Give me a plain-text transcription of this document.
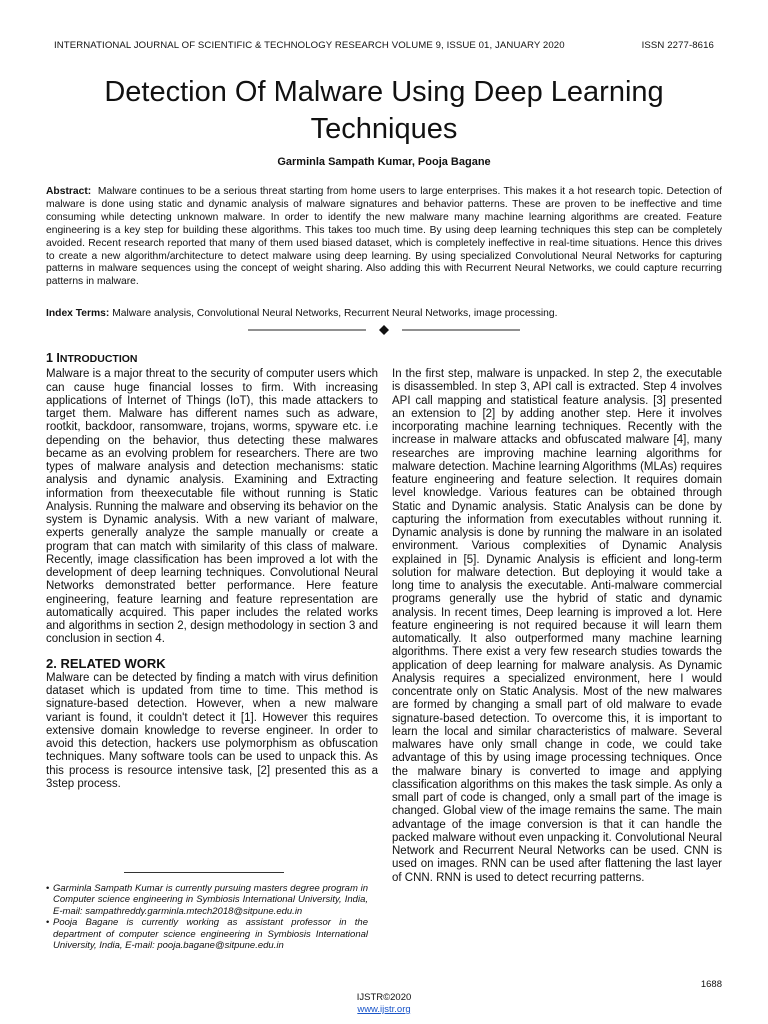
INTERNATIONAL JOURNAL OF SCIENTIFIC & TECHNOLOGY RESEARCH VOLUME 9, ISSUE 01, JANUARY 2020	ISSN 2277-8616
Detection Of Malware Using Deep Learning Techniques
Garminla Sampath Kumar, Pooja Bagane
Abstract: Malware continues to be a serious threat starting from home users to large enterprises. This makes it a hot research topic. Detection of malware is done using static and dynamic analysis of malware signatures and behavior patterns. These are proven to be ineffective and time consuming while detecting unknown malware. In order to identify the new malware many machine learning algorithms are created. Feature engineering is a key step for building these algorithms. This takes too much time. By using deep learning techniques this step can be completely avoided. Recent research reported that many of them used biased dataset, which is completely ineffective in real-time situations. Hence this drives to create a new algorithm/architecture to detect malware using deep learning. By using specialized Convolutional Neural Networks for capturing patterns in malware sequences using the concept of weight sharing. Also adding this with Recurrent Neural Networks, we could capture recurring patterns in malware.
Index Terms: Malware analysis, Convolutional Neural Networks, Recurrent Neural Networks, image processing.
1 INTRODUCTION

Malware is a major threat to the security of computer users which can cause huge financial losses to firm. With increasing applications of Internet of Things (IoT), this made attackers to target them. Malware has different names such as adware, rootkit, backdoor, ransomware, trojans, worms, spyware etc. i.e depending on the behavior, thus detecting these malwares became as an evolving problem for researchers. There are two types of malware analysis and detection mechanisms: static analysis and dynamic analysis. Examining and Extracting information from theexecutable file without running is Static Analysis. Running the malware and observing its behavior on the system is Dynamic analysis. With a new variant of malware, experts generally analyze the sample manually or create a program that can match with similarity of this class of malware. Recently, image classification has been improved a lot with the development of deep learning techniques. Convolutional Neural Networks demonstrated better performance. Here feature engineering, feature learning and feature representation are automatically acquired. This paper includes the related works and algorithms in section 2, design methodology in section 3 and conclusion in section 4.

2. RELATED WORK

Malware can be detected by finding a match with virus definition dataset which is updated from time to time. This method is signature-based detection. However, when a new malware variant is found, it couldn't detect it [1]. However this requires extensive domain knowledge to reverse engineer. In order to avoid this detection, hackers use polymorphism as obfuscation techniques. Many software tools can be used to unpack this. As this process is resource intensive task, [2] presented this as a 3step process.

In the first step, malware is unpacked. In step 2, the executable is disassembled. In step 3, API call is extracted. Step 4 involves API call mapping and statistical feature analysis. [3] presented an extension to [2] by adding another step. Here it involves incorporating machine learning techniques. Recently with the increase in malware attacks and obfuscated malware [4], many researches are improving machine learning algorithms for malware detection. Machine learning Algorithms (MLAs) requires feature engineering and feature selection. It requires domain level knowledge. Various features can be obtained through Static and Dynamic analysis. Static Analysis can be done by capturing the information from executables without running it. Dynamic analysis is done by running the malware in an isolated environment. Various complexities of Dynamic Analysis explained in [5]. Dynamic Analysis is efficient and long-term solution for malware detection. But deploying it would take a long time to analysis the executable. Anti-malware commercial programs generally use the hybrid of static and dynamic analysis. In recent times, Deep learning is improved a lot. Here feature engineering is not required because it will learn them automatically. It also outperformed many machine learning algorithms. There exist a very few research studies towards the application of deep learning for malware analysis. As Dynamic Analysis requires a specialized environment, here I would concentrate only on Static Analysis. Most of the new malwares are formed by changing a small part of old malware to evade signature-based detection. To overcome this, it is important to learn the local and similar characteristics of malware. Several malwares have only small change in code, we could take advantage of this by using image processing techniques. Once the malware binary is converted to image and applying classification algorithms on this makes the task simple. As only a small part of code is changed, only a small part of the image is changed. Global view of the image remains the same. The main advantage of the image conversion is that it can handle the packed malware without even unpacking it. Convolutional Neural Network and Recurrent Neural Networks can be used. CNN is used on images. RNN can be used after flattening the last layer of CNN. RNN is used to detect recurring patterns.

• Garminla Sampath Kumar is currently pursuing masters degree program in Computer science engineering in Symbiosis International University, India, E-mail: sampathreddy.garminla.mtech2018@sitpune.edu.in
• Pooja Bagane is currently working as assistant professor in the department of computer science engineering in Symbiosis International University, India, E-mail: pooja.bagane@sitpune.edu.in
1688
IJSTR©2020
www.ijstr.org
